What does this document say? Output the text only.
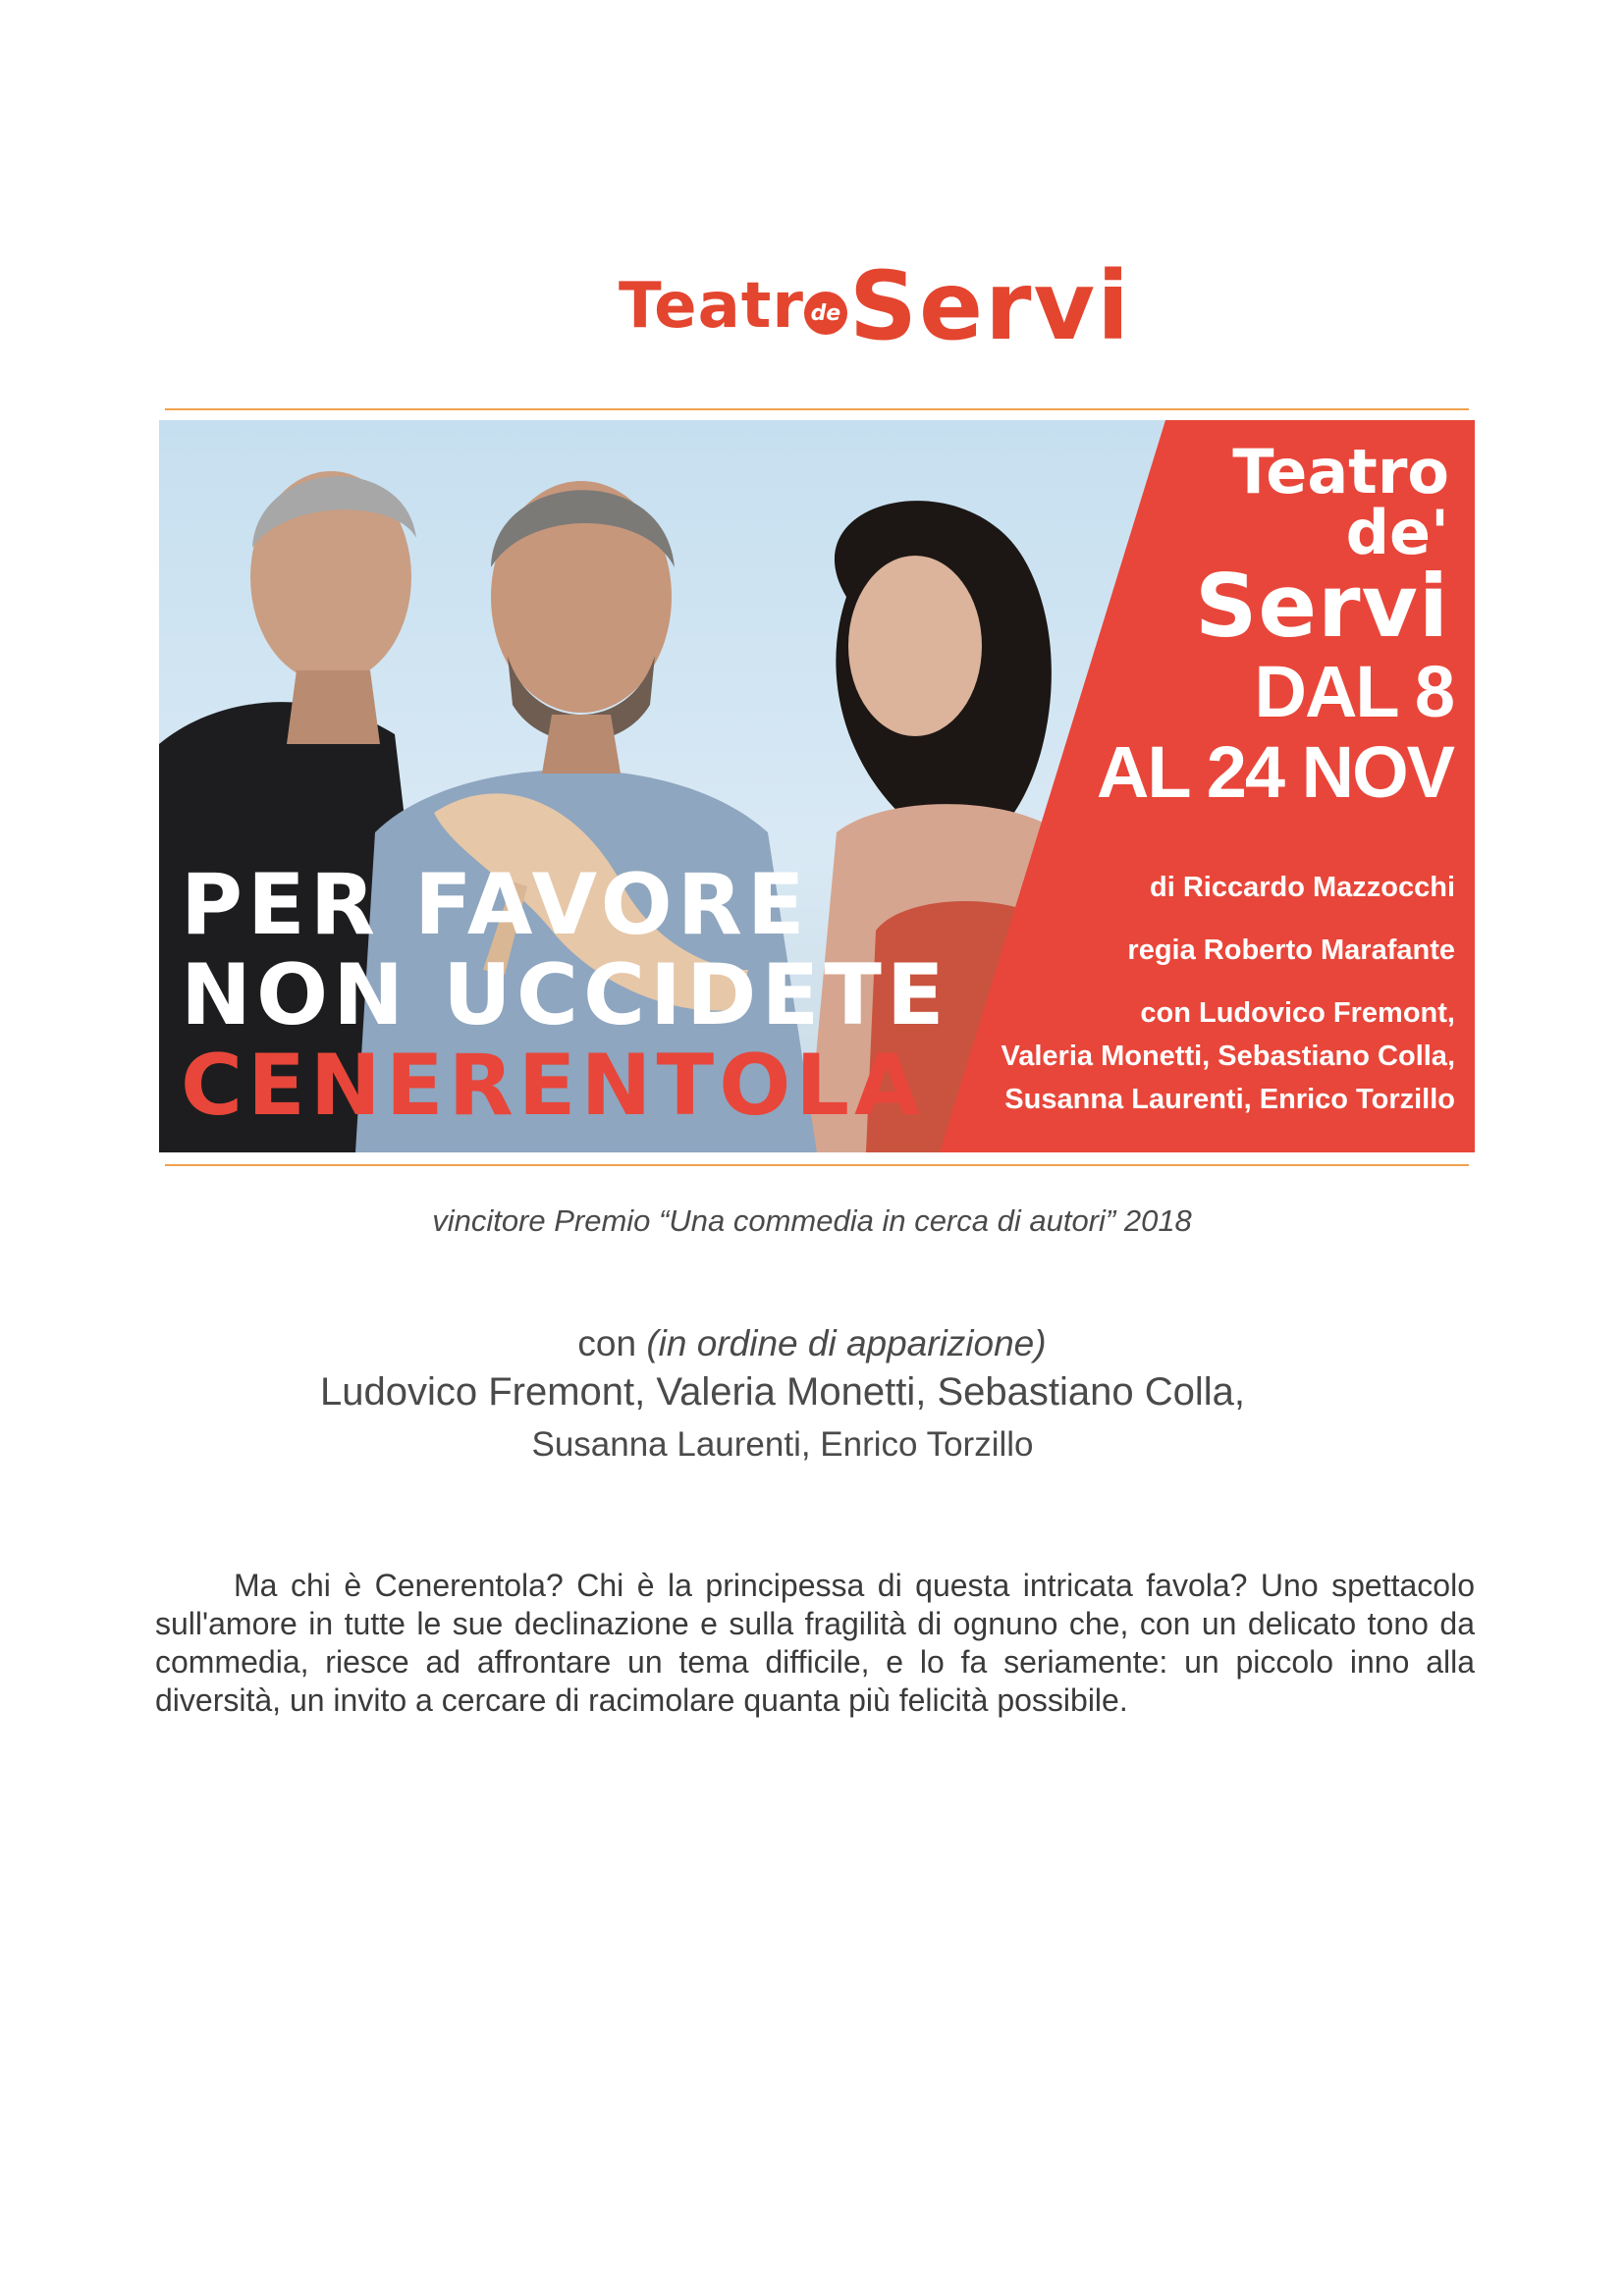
Teatr de Servi
Teatro de'
Servi
DAL 8
AL 24 NOV
di Riccardo Mazzocchi
regia Roberto Marafante
con Ludovico Fremont,
Valeria Monetti, Sebastiano Colla,
Susanna Laurenti, Enrico Torzillo
PER FAVORE
NON UCCIDETE
CENERENTOLA
vincitore Premio “Una commedia in cerca di autori” 2018
con (in ordine di apparizione)
Ludovico Fremont, Valeria Monetti, Sebastiano Colla,
Susanna Laurenti, Enrico Torzillo

Ma chi è Cenerentola? Chi è la principessa di questa intricata favola? Uno spettacolo sull'amore in tutte le sue declinazione e sulla fragilità di ognuno che, con un delicato tono da commedia, riesce ad affrontare un tema difficile, e lo fa seriamente: un piccolo inno alla diversità, un invito a cercare di racimolare quanta più felicità possibile.
